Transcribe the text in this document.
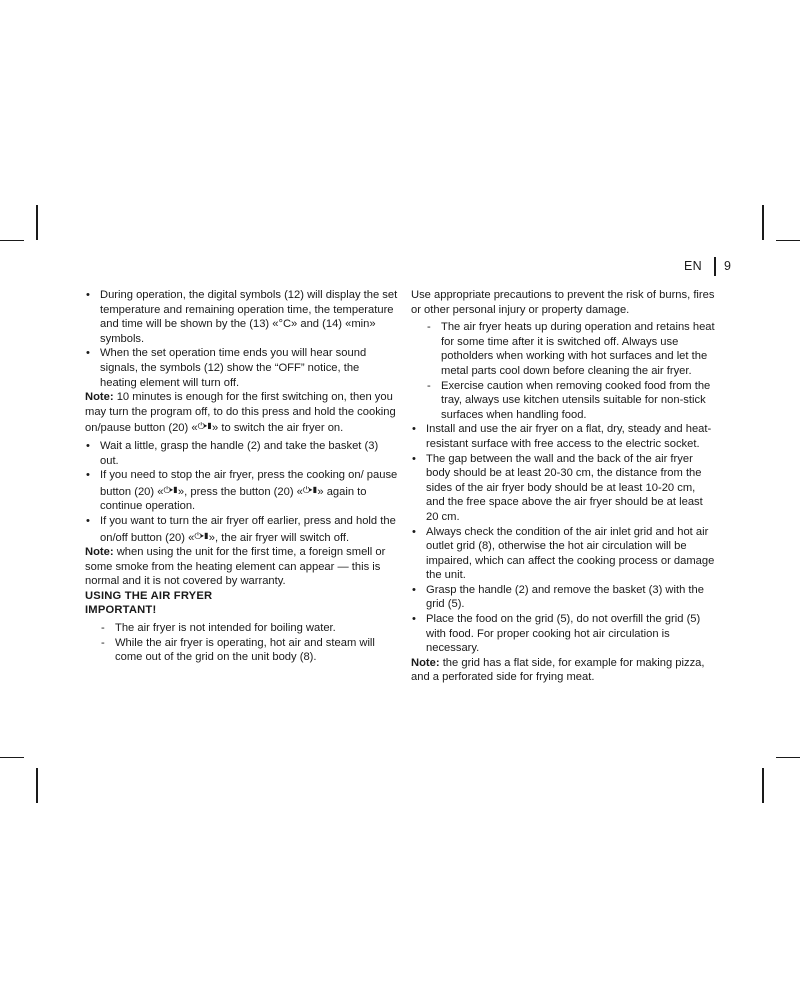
EN 9
• During operation, the digital symbols (12) will display the set temperature and remaining operation time, the temperature and time will be shown by the (13) «°C» and (14) «min» symbols.
• When the set operation time ends you will hear sound signals, the symbols (12) show the “OFF” notice, the heating element will turn off.

Note: 10 minutes is enough for the first switching on, then you may turn the program off, to do this press and hold the cooking on/pause button (20) «⏻▸▮» to switch the air fryer on.

• Wait a little, grasp the handle (2) and take the basket (3) out.
• If you need to stop the air fryer, press the cooking on/ pause button (20) «⏻▸▮», press the button (20) «⏻▸▮» again to continue operation.
• If you want to turn the air fryer off earlier, press and hold the on/off button (20) «⏻▸▮», the air fryer will switch off.

Note: when using the unit for the first time, a foreign smell or some smoke from the heating element can appear — this is normal and it is not covered by warranty.

USING THE AIR FRYER

IMPORTANT!

- The air fryer is not intended for boiling water.
- While the air fryer is operating, hot air and steam will come out of the grid on the unit body (8).

Use appropriate precautions to prevent the risk of burns, fires or other personal injury or property damage.

- The air fryer heats up during operation and retains heat for some time after it is switched off. Always use potholders when working with hot surfaces and let the metal parts cool down before cleaning the air fryer.
- Exercise caution when removing cooked food from the tray, always use kitchen utensils suitable for non-stick surfaces when handling food.
• Install and use the air fryer on a flat, dry, steady and heat-resistant surface with free access to the electric socket.
• The gap between the wall and the back of the air fryer body should be at least 20-30 cm, the distance from the sides of the air fryer body should be at least 10-20 cm, and the free space above the air fryer should be at least 20 cm.
• Always check the condition of the air inlet grid and hot air outlet grid (8), otherwise the hot air circulation will be impaired, which can affect the cooking process or damage the unit.
• Grasp the handle (2) and remove the basket (3) with the grid (5).
• Place the food on the grid (5), do not overfill the grid (5) with food. For proper cooking hot air circulation is necessary.

Note: the grid has a flat side, for example for making pizza, and a perforated side for frying meat.
